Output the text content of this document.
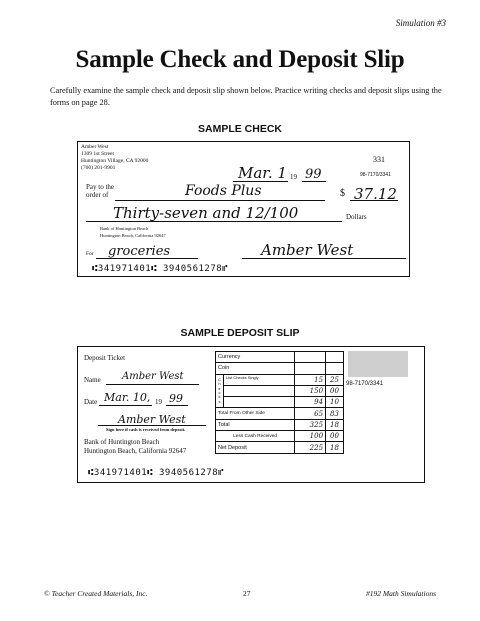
Simulation #3
Sample Check and Deposit Slip
Carefully examine the sample check and deposit slip shown below. Practice writing checks and deposit slips using the forms on page 28.
SAMPLE CHECK
Amber West
1309 1st Street
Huntington Village, CA 92000
(700) 201-9901
331
98-7170/3341
Mar. 1 19 99
Pay to the
order of	Foods Plus	$ 37.12
Thirty-seven and 12/100	Dollars
Bank of Huntington Beach
Huntington Beach, California 92647
For groceries	Amber West
⑆341971401⑆ 3940561278⑈
SAMPLE DEPOSIT SLIP
Deposit Ticket
Name Amber West
Date Mar. 10, 19 99
Amber West
Sign here if cash is received from deposit.
Bank of Huntington Beach
Huntington Beach, California 92647
⑆341971401⑆ 3940561278⑈
Currency			
Coin			
C h e c k s	List Checks Singly	15	25
		150	00
		94	10
Total From Other Side		65	83
Total		325	18
Less Cash Received		100	00
Net Deposit		225	18
98-7170/3341
© Teacher Created Materials, Inc.	27	#192 Math Simulations
